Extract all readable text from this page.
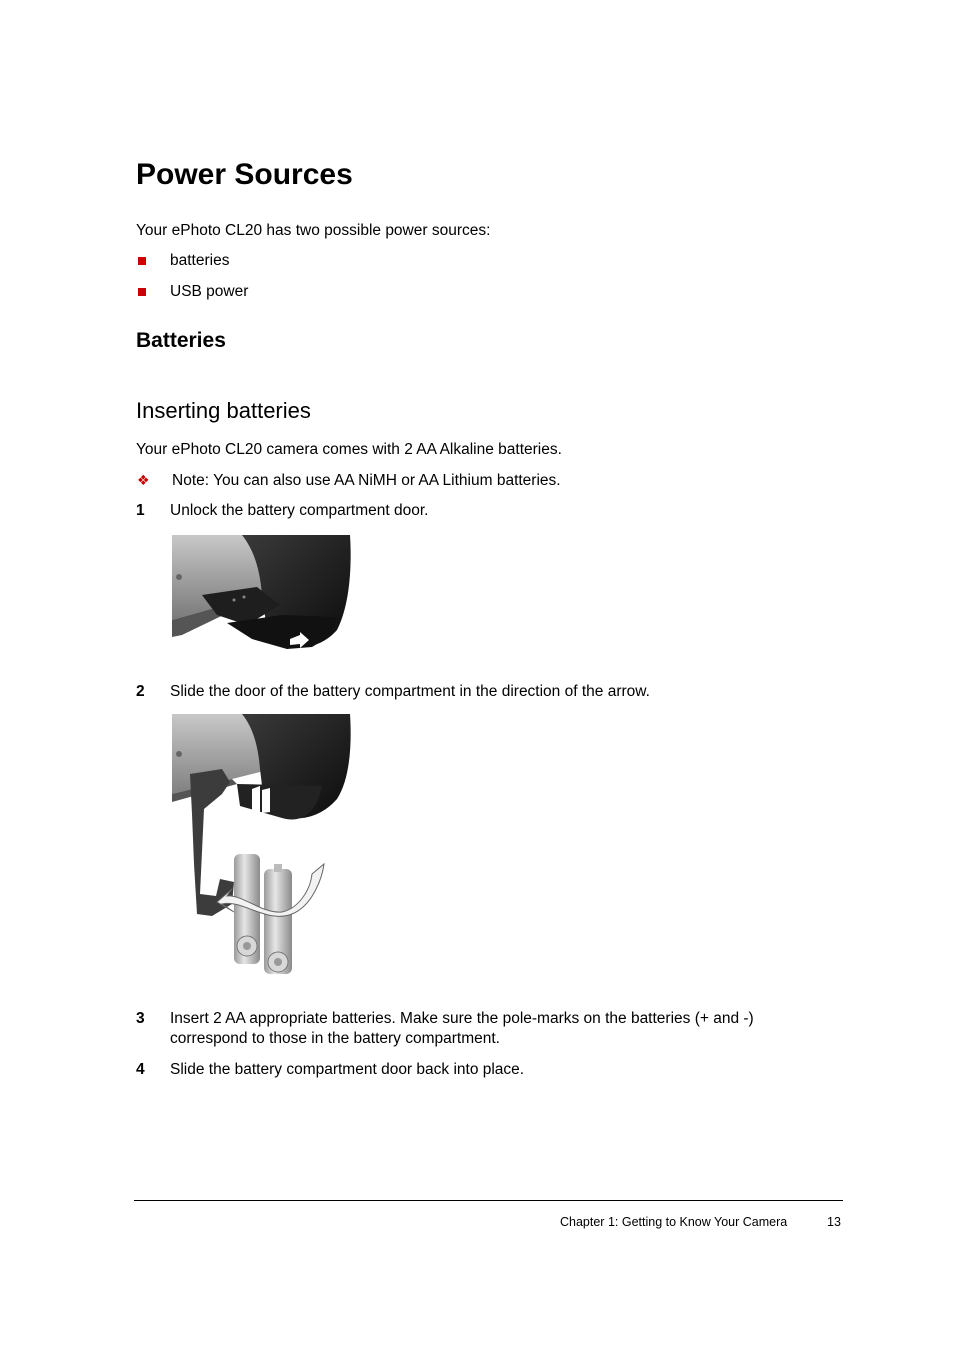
Power Sources
Your ePhoto CL20 has two possible power sources:
batteries
USB power
Batteries
Inserting batteries
Your ePhoto CL20 camera comes with 2 AA Alkaline batteries.
❖ Note: You can also use AA NiMH or AA Lithium batteries.
1 Unlock the battery compartment door.
2 Slide the door of the battery compartment in the direction of the arrow.
3 Insert 2 AA appropriate batteries. Make sure the pole-marks on the batteries (+ and -)
correspond to those in the battery compartment.
4 Slide the battery compartment door back into place.
Chapter 1: Getting to Know Your Camera	13
